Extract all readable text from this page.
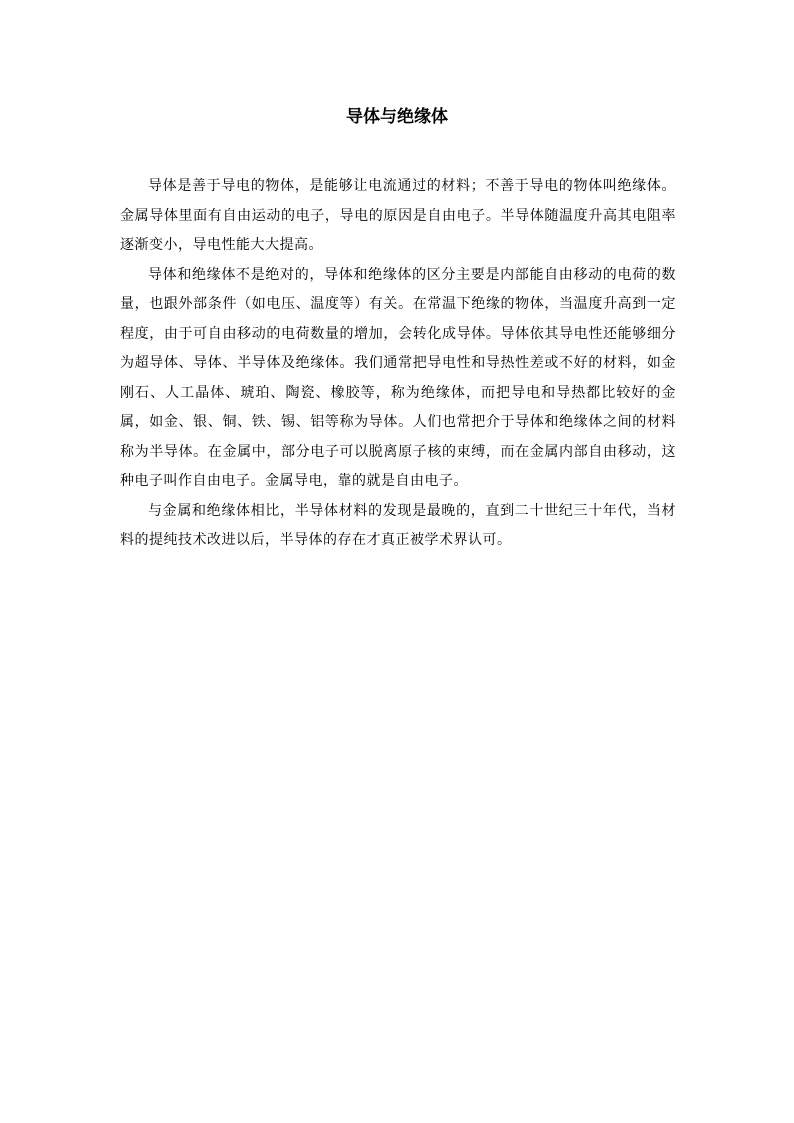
导体与绝缘体

导体是善于导电的物体，是能够让电流通过的材料；不善于导电的物体叫绝缘体。金属导体里面有自由运动的电子，导电的原因是自由电子。半导体随温度升高其电阻率逐渐变小，导电性能大大提高。

导体和绝缘体不是绝对的，导体和绝缘体的区分主要是内部能自由移动的电荷的数量，也跟外部条件（如电压、温度等）有关。在常温下绝缘的物体，当温度升高到一定程度，由于可自由移动的电荷数量的增加，会转化成导体。导体依其导电性还能够细分为超导体、导体、半导体及绝缘体。我们通常把导电性和导热性差或不好的材料，如金刚石、人工晶体、琥珀、陶瓷、橡胶等，称为绝缘体，而把导电和导热都比较好的金属，如金、银、铜、铁、锡、铝等称为导体。人们也常把介于导体和绝缘体之间的材料称为半导体。在金属中，部分电子可以脱离原子核的束缚，而在金属内部自由移动，这种电子叫作自由电子。金属导电，靠的就是自由电子。

与金属和绝缘体相比，半导体材料的发现是最晚的，直到二十世纪三十年代，当材料的提纯技术改进以后，半导体的存在才真正被学术界认可。
